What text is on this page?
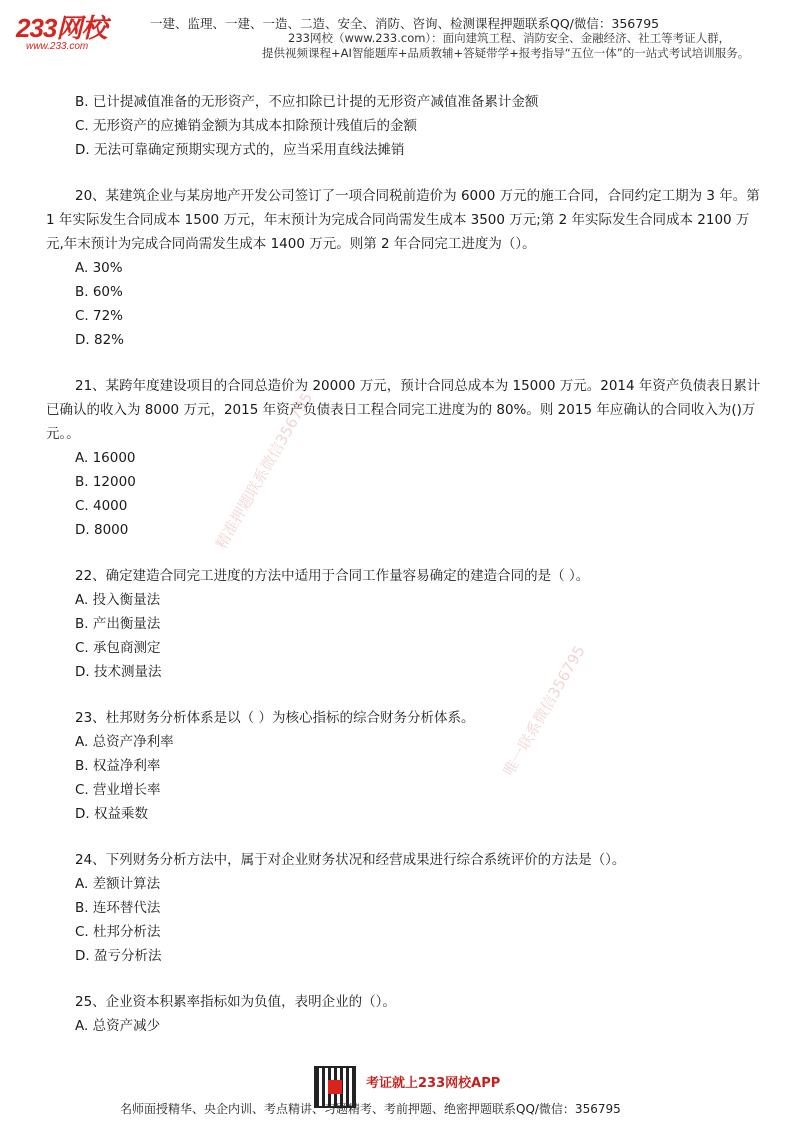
233网校
www.233.com
一建、监理、一建、一造、二造、安全、消防、咨询、检测课程押题联系QQ/微信：356795
233网校（www.233.com）：面向建筑工程、消防安全、金融经济、社工等考证人群，
提供视频课程+AI智能题库+品质教辅+答疑带学+报考指导“五位一体”的一站式考试培训服务。
精准押题联系微信356795
唯一联系微信356795
B. 已计提减值准备的无形资产，不应扣除已计提的无形资产减值准备累计金额
C. 无形资产的应摊销金额为其成本扣除预计残值后的金额
D. 无法可靠确定预期实现方式的，应当采用直线法摊销

20、某建筑企业与某房地产开发公司签订了一项合同税前造价为 6000 万元的施工合同，合同约定工期为 3 年。第 1 年实际发生合同成本 1500 万元，年末预计为完成合同尚需发生成本 3500 万元;第 2 年实际发生合同成本 2100 万元,年末预计为完成合同尚需发生成本 1400 万元。则第 2 年合同完工进度为（）。

A. 30%
B. 60%
C. 72%
D. 82%

21、某跨年度建设项目的合同总造价为 20000 万元，预计合同总成本为 15000 万元。2014 年资产负债表日累计已确认的收入为 8000 万元，2015 年资产负债表日工程合同完工进度为的 80%。则 2015 年应确认的合同收入为()万元。。

A. 16000
B. 12000
C. 4000
D. 8000

22、确定建造合同完工进度的方法中适用于合同工作量容易确定的建造合同的是（ ）。

A. 投入衡量法
B. 产出衡量法
C. 承包商测定
D. 技术测量法

23、杜邦财务分析体系是以（ ）为核心指标的综合财务分析体系。

A. 总资产净利率
B. 权益净利率
C. 营业增长率
D. 权益乘数

24、下列财务分析方法中，属于对企业财务状况和经营成果进行综合系统评价的方法是（）。

A. 差额计算法
B. 连环替代法
C. 杜邦分析法
D. 盈亏分析法

25、企业资本积累率指标如为负值，表明企业的（）。

A. 总资产减少
考证就上233网校APP
名师面授精华、央企内训、考点精讲、习题精考、考前押题、绝密押题联系QQ/微信：356795
